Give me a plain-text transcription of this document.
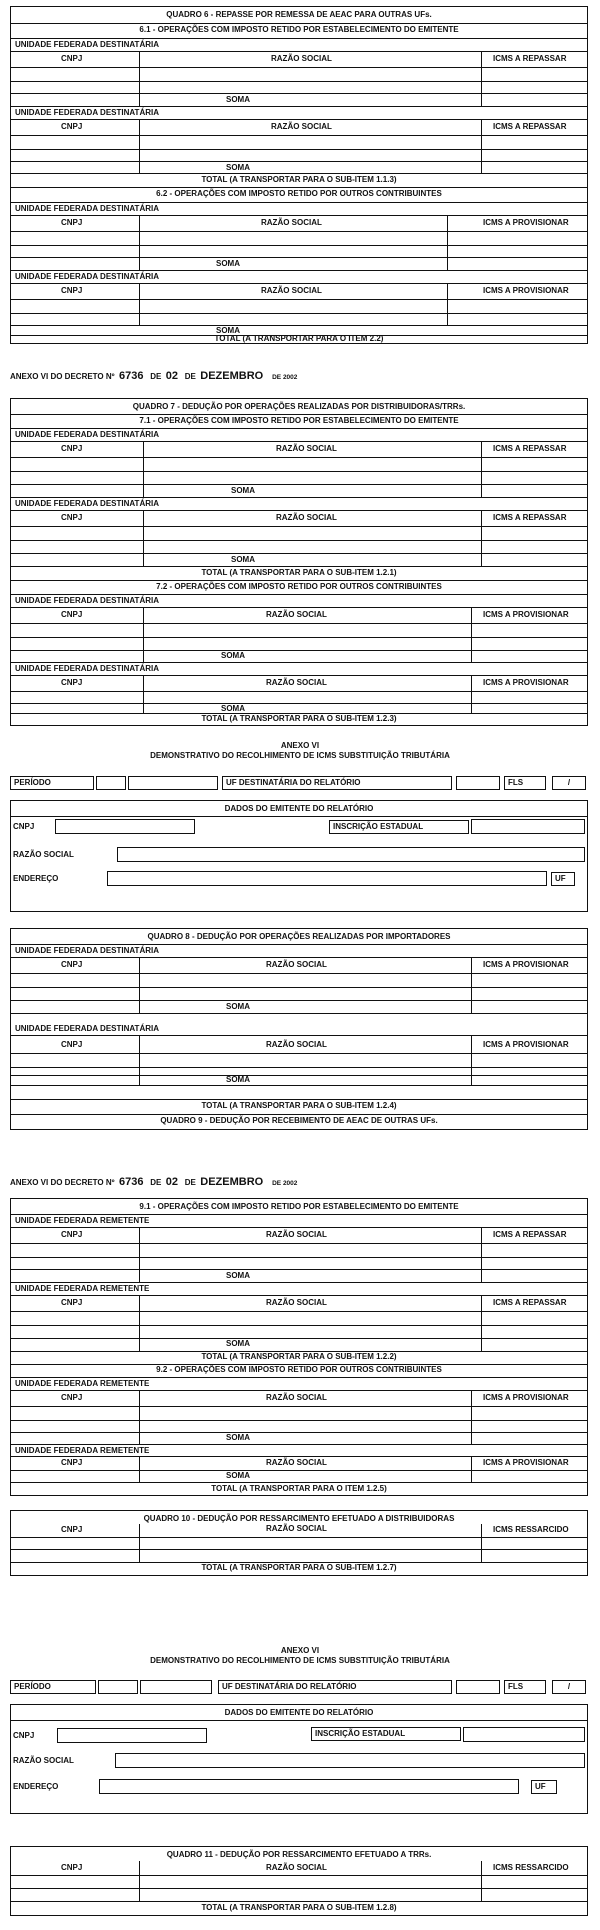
QUADRO 6 - REPASSE POR REMESSA DE AEAC PARA OUTRAS UFs.
6.1 - OPERAÇÕES COM IMPOSTO RETIDO POR ESTABELECIMENTO DO EMITENTE
UNIDADE FEDERADA DESTINATÁRIA
CNPJ	RAZÃO SOCIAL	ICMS A REPASSAR
SOMA
UNIDADE FEDERADA DESTINATÁRIA
CNPJ	RAZÃO SOCIAL	ICMS A REPASSAR
SOMA
TOTAL (A TRANSPORTAR PARA O SUB-ITEM 1.1.3)
6.2 - OPERAÇÕES COM IMPOSTO RETIDO POR OUTROS CONTRIBUINTES
UNIDADE FEDERADA DESTINATÁRIA
CNPJ	RAZÃO SOCIAL	ICMS A PROVISIONAR
SOMA
UNIDADE FEDERADA DESTINATÁRIA
CNPJ	RAZÃO SOCIAL	ICMS A PROVISIONAR
SOMA
TOTAL (A TRANSPORTAR PARA O ITEM 2.2)
ANEXO VI DO DECRETO Nº 6736 DE 02 DE DEZEMBRO DE 2002
QUADRO 7 - DEDUÇÃO POR OPERAÇÕES REALIZADAS POR DISTRIBUIDORAS/TRRs.
7.1 - OPERAÇÕES COM IMPOSTO RETIDO POR ESTABELECIMENTO DO EMITENTE
UNIDADE FEDERADA DESTINATÁRIA
CNPJ	RAZÃO SOCIAL	ICMS A REPASSAR
SOMA
UNIDADE FEDERADA DESTINATÁRIA
CNPJ	RAZÃO SOCIAL	ICMS A REPASSAR
SOMA
TOTAL (A TRANSPORTAR PARA O SUB-ITEM 1.2.1)
7.2 - OPERAÇÕES COM IMPOSTO RETIDO POR OUTROS CONTRIBUINTES
UNIDADE FEDERADA DESTINATÁRIA
CNPJ	RAZÃO SOCIAL	ICMS A PROVISIONAR
SOMA
UNIDADE FEDERADA DESTINATÁRIA
CNPJ	RAZÃO SOCIAL	ICMS A PROVISIONAR
SOMA
TOTAL (A TRANSPORTAR PARA O SUB-ITEM 1.2.3)
ANEXO VI
DEMONSTRATIVO DO RECOLHIMENTO DE ICMS SUBSTITUIÇÃO TRIBUTÁRIA
PERÍODO	UF DESTINATÁRIA DO RELATÓRIO	FLS	/
DADOS DO EMITENTE DO RELATÓRIO
CNPJ	INSCRIÇÃO ESTADUAL
RAZÃO SOCIAL
ENDEREÇO	UF
QUADRO 8 - DEDUÇÃO POR OPERAÇÕES REALIZADAS POR IMPORTADORES
UNIDADE FEDERADA DESTINATÁRIA
CNPJ	RAZÃO SOCIAL	ICMS A PROVISIONAR
SOMA
UNIDADE FEDERADA DESTINATÁRIA
CNPJ	RAZÃO SOCIAL	ICMS A PROVISIONAR
SOMA
TOTAL (A TRANSPORTAR PARA O SUB-ITEM 1.2.4)
QUADRO 9 - DEDUÇÃO POR RECEBIMENTO DE AEAC DE OUTRAS UFs.
ANEXO VI DO DECRETO Nº 6736 DE 02 DE DEZEMBRO DE 2002
9.1 - OPERAÇÕES COM IMPOSTO RETIDO POR ESTABELECIMENTO DO EMITENTE
UNIDADE FEDERADA REMETENTE
CNPJ	RAZÃO SOCIAL	ICMS A REPASSAR
SOMA
UNIDADE FEDERADA REMETENTE
CNPJ	RAZÃO SOCIAL	ICMS A REPASSAR
SOMA
TOTAL (A TRANSPORTAR PARA O SUB-ITEM 1.2.2)
9.2 - OPERAÇÕES COM IMPOSTO RETIDO POR OUTROS CONTRIBUINTES
UNIDADE FEDERADA REMETENTE
CNPJ	RAZÃO SOCIAL	ICMS A PROVISIONAR
SOMA
UNIDADE FEDERADA REMETENTE
CNPJ	RAZÃO SOCIAL	ICMS A PROVISIONAR
SOMA
TOTAL (A TRANSPORTAR PARA O ITEM 1.2.5)
QUADRO 10 - DEDUÇÃO POR RESSARCIMENTO EFETUADO A DISTRIBUIDORAS
CNPJ	RAZÃO SOCIAL	ICMS RESSARCIDO
TOTAL (A TRANSPORTAR PARA O SUB-ITEM 1.2.7)
ANEXO VI
DEMONSTRATIVO DO RECOLHIMENTO DE ICMS SUBSTITUIÇÃO TRIBUTÁRIA
PERÍODO	UF DESTINATÁRIA DO RELATÓRIO	FLS	/
DADOS DO EMITENTE DO RELATÓRIO
CNPJ	INSCRIÇÃO ESTADUAL
RAZÃO SOCIAL
ENDEREÇO	UF
QUADRO 11 - DEDUÇÃO POR RESSARCIMENTO EFETUADO A TRRs.
CNPJ	RAZÃO SOCIAL	ICMS RESSARCIDO
TOTAL (A TRANSPORTAR PARA O SUB-ITEM 1.2.8)
